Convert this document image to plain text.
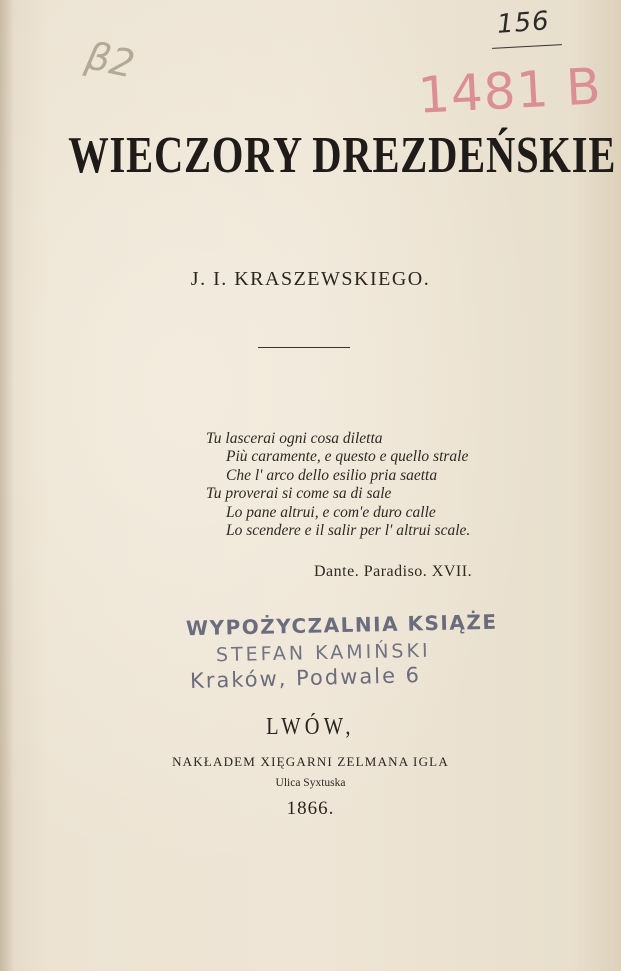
β2
156
1481 B
WIECZORY DREZDEŃSKIE
J. I. KRASZEWSKIEGO.
Tu lascerai ogni cosa diletta
Più caramente, e questo e quello strale
Che l' arco dello esilio pria saetta
Tu proverai si come sa di sale
Lo pane altrui, e com'e duro calle
Lo scendere e il salir per l' altrui scale.
Dante. Paradiso. XVII.
WYPOŻYCZALNIA KSIĄŻE
STEFAN KAMIŃSKI
Kraków, Podwale 6
LWÓW,
NAKŁADEM XIĘGARNI ZELMANA IGLA
Ulica Syxtuska
1866.
